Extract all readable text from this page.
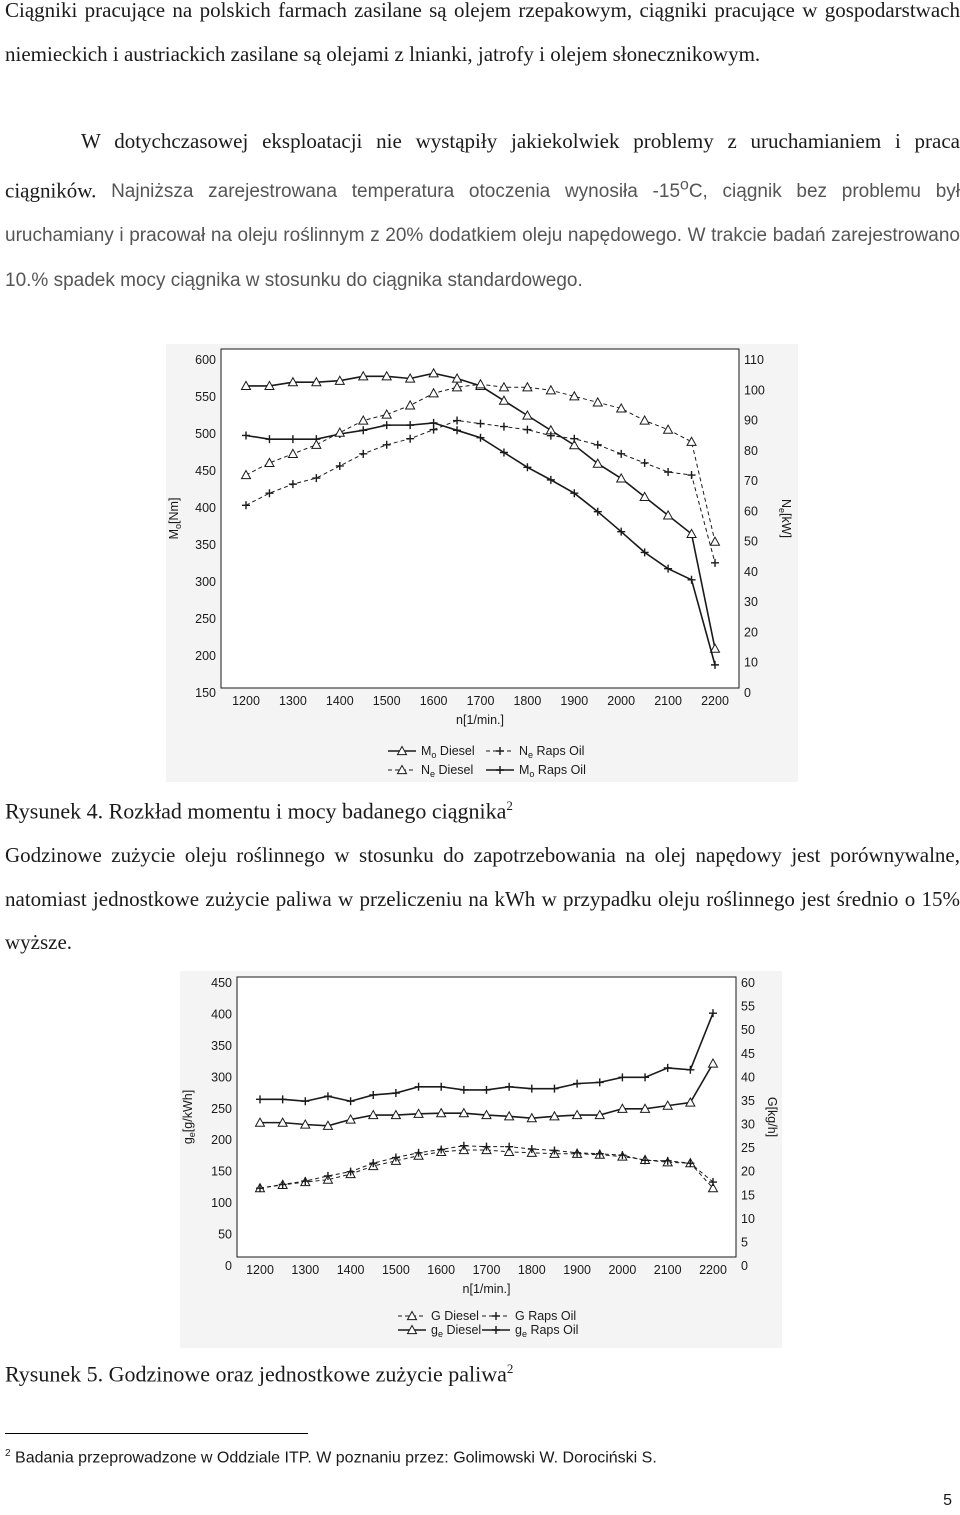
Ciągniki pracujące na polskich farmach zasilane są olejem rzepakowym, ciągniki pracujące w gospodarstwach niemieckich i austriackich zasilane są olejami z lnianki, jatrofy i olejem słonecznikowym.

W dotychczasowej eksploatacji nie wystąpiły jakiekolwiek problemy z uruchamianiem i praca ciągników. Najniższa zarejestrowana temperatura otoczenia wynosiła -15$^o$C, ciągnik bez problemu był uruchamiany i pracował na oleju roślinnym z 20% dodatkiem oleju napędowego. W trakcie badań zarejestrowano 10.% spadek mocy ciągnika w stosunku do ciągnika standardowego.

150
200
250
300
350
400
450
500
550
600
0
10
20
30
40
50
60
70
80
90
100
110
1200 1300 1400 1500 1600 1700 1800 1900 2000 2100 2200
n[1/min.]
$M_o[Nm]$	$N_e[kW]$
$M_o$ Diesel	$N_e$ Raps Oil
$N_e$ Diesel	$M_o$ Raps Oil

Rysunek 4. Rozkład momentu i mocy badanego ciągnika$^2$

Godzinowe zużycie oleju roślinnego w stosunku do zapotrzebowania na olej napędowy jest porównywalne, natomiast jednostkowe zużycie paliwa w przeliczeniu na kWh w przypadku oleju roślinnego jest średnio o 15% wyższe.

0
50
100
150
200
250
300
350
400
450
0
5
10
15
20
25
30
35
40
45
50
55
60
1200 1300 1400 1500 1600 1700 1800 1900 2000 2100 2200
n[1/min.]
$g_e[g/kWh]$	G[kg/h]
G Diesel	G Raps Oil
$g_e$ Diesel	$g_e$ Raps Oil

Rysunek 5. Godzinowe oraz jednostkowe zużycie paliwa$^2$

$^2$ Badania przeprowadzone w Oddziale ITP. W poznaniu przez: Golimowski W. Dorociński S.
5
